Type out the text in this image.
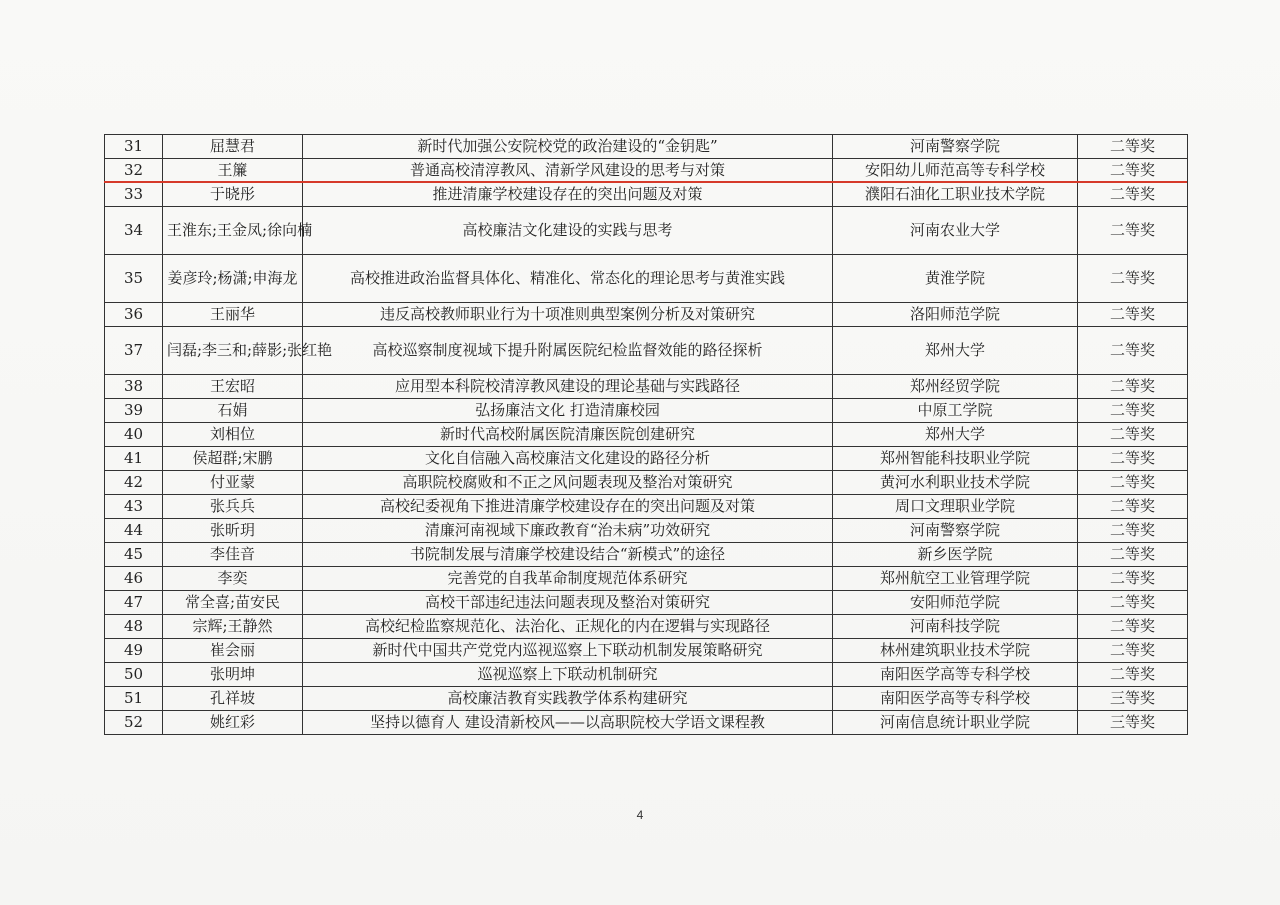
31	屈慧君	新时代加强公安院校党的政治建设的“金钥匙”	河南警察学院	二等奖
32	王簾	普通高校清淳教风、清新学风建设的思考与对策	安阳幼儿师范高等专科学校	二等奖
33	于晓彤	推进清廉学校建设存在的突出问题及对策	濮阳石油化工职业技术学院	二等奖
34	王淮东;王金凤;徐向楠	高校廉洁文化建设的实践与思考	河南农业大学	二等奖
35	姜彦玲;杨潇;申海龙	高校推进政治监督具体化、精准化、常态化的理论思考与黄淮实践	黄淮学院	二等奖
36	王丽华	违反高校教师职业行为十项准则典型案例分析及对策研究	洛阳师范学院	二等奖
37	闫磊;李三和;薛影;张红艳	高校巡察制度视域下提升附属医院纪检监督效能的路径探析	郑州大学	二等奖
38	王宏昭	应用型本科院校清淳教风建设的理论基础与实践路径	郑州经贸学院	二等奖
39	石娟	弘扬廉洁文化 打造清廉校园	中原工学院	二等奖
40	刘相位	新时代高校附属医院清廉医院创建研究	郑州大学	二等奖
41	侯超群;宋鹏	文化自信融入高校廉洁文化建设的路径分析	郑州智能科技职业学院	二等奖
42	付亚蒙	高职院校腐败和不正之风问题表现及整治对策研究	黄河水利职业技术学院	二等奖
43	张兵兵	高校纪委视角下推进清廉学校建设存在的突出问题及对策	周口文理职业学院	二等奖
44	张昕玥	清廉河南视域下廉政教育“治未病”功效研究	河南警察学院	二等奖
45	李佳音	书院制发展与清廉学校建设结合“新模式”的途径	新乡医学院	二等奖
46	李奕	完善党的自我革命制度规范体系研究	郑州航空工业管理学院	二等奖
47	常全喜;苗安民	高校干部违纪违法问题表现及整治对策研究	安阳师范学院	二等奖
48	宗辉;王静然	高校纪检监察规范化、法治化、正规化的内在逻辑与实现路径	河南科技学院	二等奖
49	崔会丽	新时代中国共产党党内巡视巡察上下联动机制发展策略研究	林州建筑职业技术学院	二等奖
50	张明坤	巡视巡察上下联动机制研究	南阳医学高等专科学校	二等奖
51	孔祥坡	高校廉洁教育实践教学体系构建研究	南阳医学高等专科学校	三等奖
52	姚红彩	坚持以德育人 建设清新校风——以高职院校大学语文课程教	河南信息统计职业学院	三等奖
4
